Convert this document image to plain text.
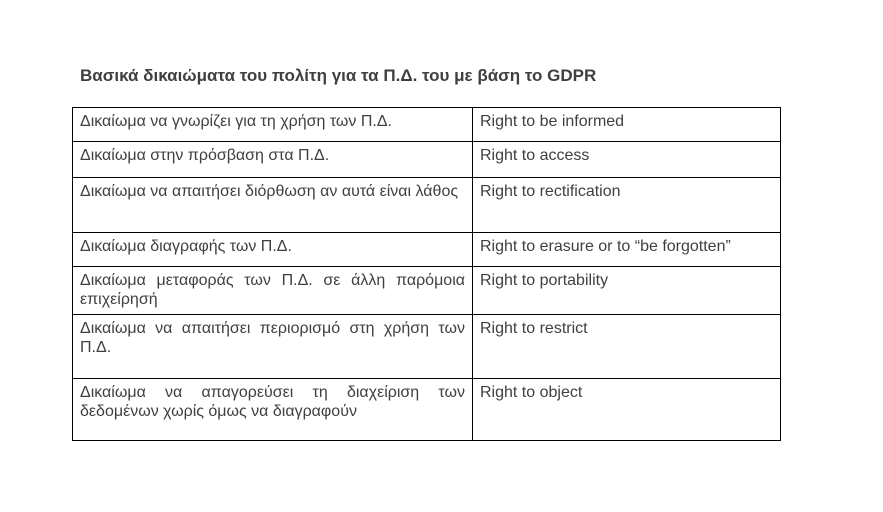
Βασικά δικαιώματα του πολίτη για τα Π.Δ. του με βάση το GDPR
Δικαίωμα να γνωρίζει για τη χρήση των Π.Δ.	Right to be informed
Δικαίωμα στην πρόσβαση στα Π.Δ.	Right to access
Δικαίωμα να απαιτήσει διόρθωση αν αυτά είναι λάθος	Right to rectification
Δικαίωμα διαγραφής των Π.Δ.	Right to erasure or to “be forgotten”
Δικαίωμα μεταφοράς των Π.Δ. σε άλλη παρόμοια επιχείρησή	Right to portability
Δικαίωμα να απαιτήσει περιορισμό στη χρήση των Π.Δ.	Right to restrict
Δικαίωμα να απαγορεύσει τη διαχείριση των δεδομένων χωρίς όμως να διαγραφούν	Right to object
